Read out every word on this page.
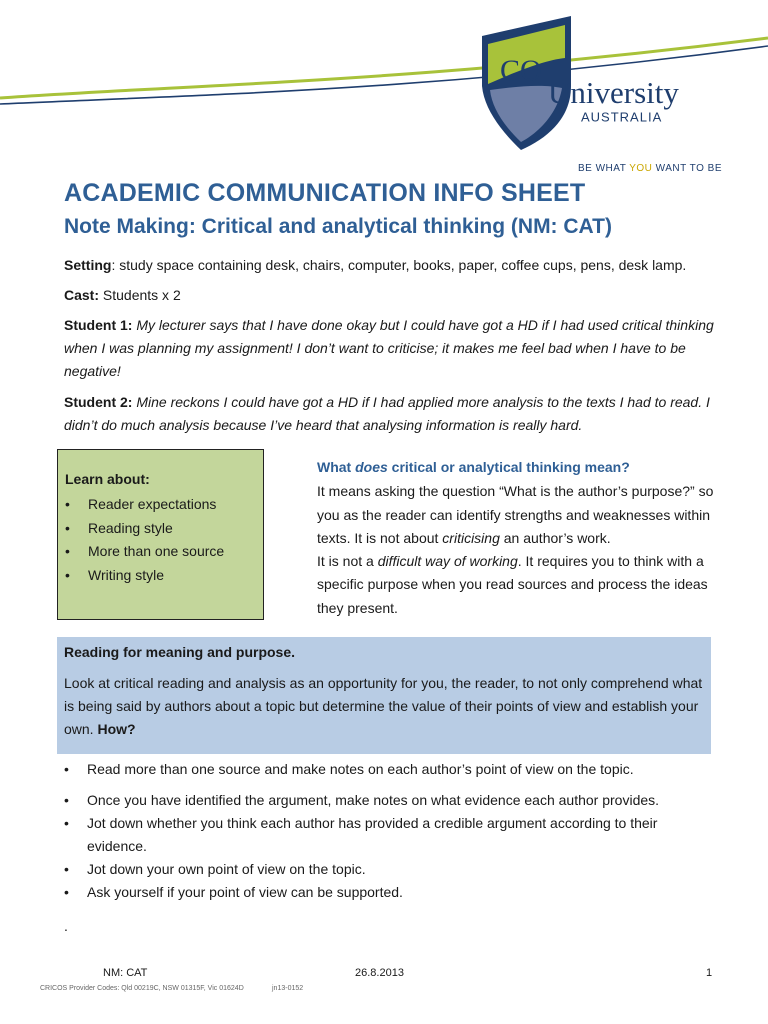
CQ
University
AUSTRALIA
BE WHAT YOU WANT TO BE
ACADEMIC COMMUNICATION INFO SHEET
Note Making: Critical and analytical thinking (NM: CAT)
Setting: study space containing desk, chairs, computer, books, paper, coffee cups, pens, desk lamp.
Cast: Students x 2
Student 1: My lecturer says that I have done okay but I could have got a HD if I had used critical thinking when I was planning my assignment! I don’t want to criticise; it makes me feel bad when I have to be negative!
Student 2: Mine reckons I could have got a HD if I had applied more analysis to the texts I had to read. I didn’t do much analysis because I’ve heard that analysing information is really hard.
Learn about:
• Reader expectations
• Reading style
• More than one source
• Writing style
What does critical or analytical thinking mean?
It means asking the question “What is the author’s purpose?” so you as the reader can identify strengths and weaknesses within texts. It is not about criticising an author’s work.
It is not a difficult way of working. It requires you to think with a specific purpose when you read sources and process the ideas they present.
Reading for meaning and purpose.
Look at critical reading and analysis as an opportunity for you, the reader, to not only comprehend what is being said by authors about a topic but determine the value of their points of view and establish your own. How?
• Read more than one source and make notes on each author’s point of view on the topic.
• Once you have identified the argument, make notes on what evidence each author provides.
• Jot down whether you think each author has provided a credible argument according to their evidence.
• Jot down your own point of view on the topic.
• Ask yourself if your point of view can be supported.
.
NM: CAT	26.8.2013	1
CRICOS Provider Codes: Qld 00219C, NSW 01315F, Vic 01624D	jn13-0152
